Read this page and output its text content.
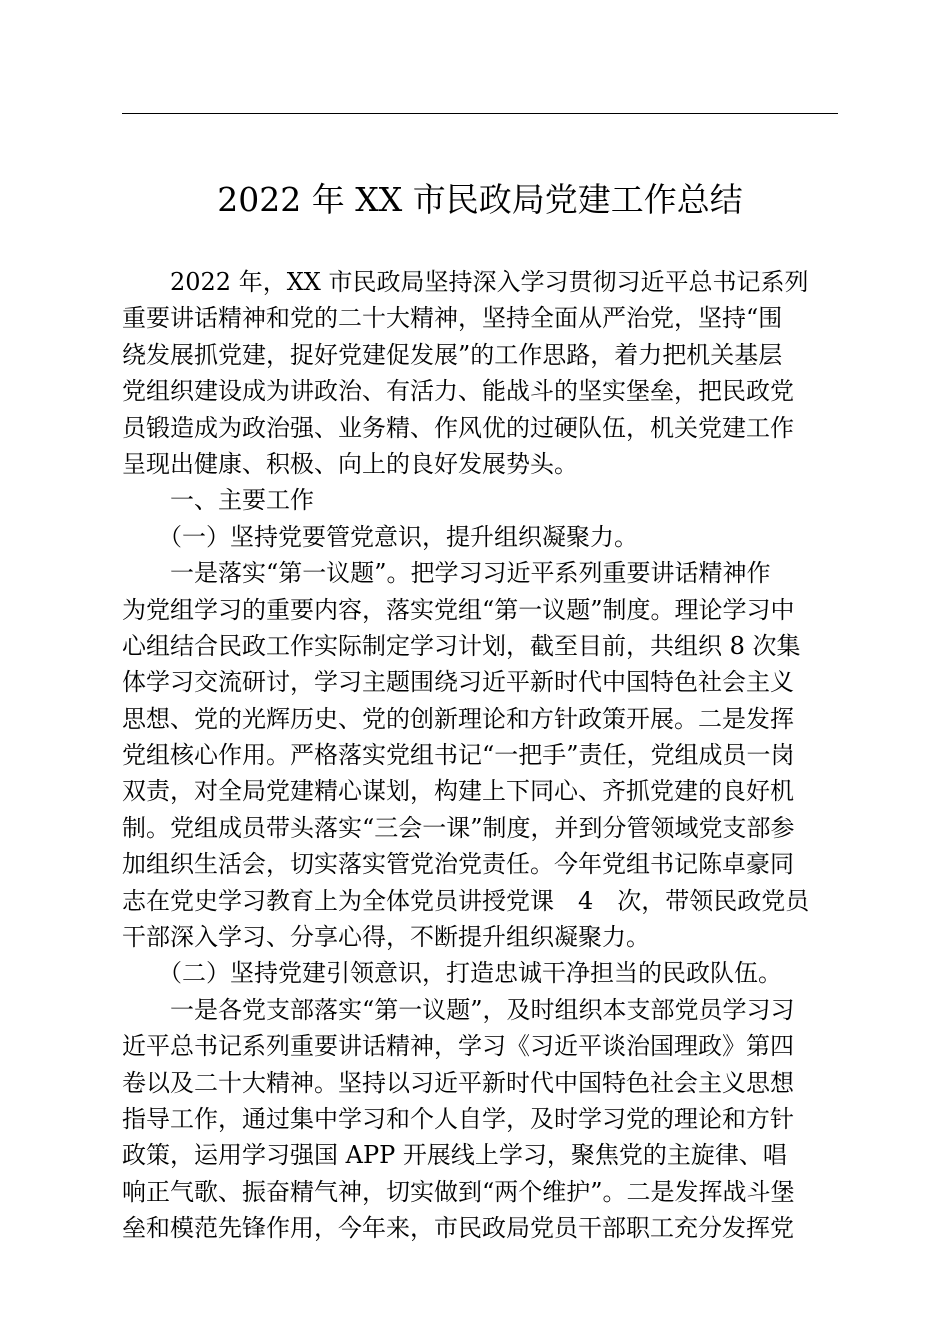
2022 年 XX 市民政局党建工作总结
　　2022 年，XX 市民政局坚持深入学习贯彻习近平总书记系列
重要讲话精神和党的二十大精神，坚持全面从严治党，坚持“围
绕发展抓党建，捉好党建促发展”的工作思路，着力把机关基层
党组织建设成为讲政治、有活力、能战斗的坚实堡垒，把民政党
员锻造成为政治强、业务精、作风优的过硬队伍，机关党建工作
呈现出健康、积极、向上的良好发展势头。
　　一、主要工作
　　（一）坚持党要管党意识，提升组织凝聚力。
　　一是落实“第一议题”。把学习习近平系列重要讲话精神作
为党组学习的重要内容，落实党组“第一议题”制度。理论学习中
心组结合民政工作实际制定学习计划，截至目前，共组织 8 次集
体学习交流研讨，学习主题围绕习近平新时代中国特色社会主义
思想、党的光辉历史、党的创新理论和方针政策开展。二是发挥
党组核心作用。严格落实党组书记“一把手”责任，党组成员一岗
双责，对全局党建精心谋划，构建上下同心、齐抓党建的良好机
制。党组成员带头落实“三会一课”制度，并到分管领域党支部参
加组织生活会，切实落实管党治党责任。今年党组书记陈卓豪同
志在党史学习教育上为全体党员讲授党课　4　次，带领民政党员
干部深入学习、分享心得，不断提升组织凝聚力。
　　（二）坚持党建引领意识，打造忠诚干净担当的民政队伍。
　　一是各党支部落实“第一议题”，及时组织本支部党员学习习
近平总书记系列重要讲话精神，学习《习近平谈治国理政》第四
卷以及二十大精神。坚持以习近平新时代中国特色社会主义思想
指导工作，通过集中学习和个人自学，及时学习党的理论和方针
政策，运用学习强国 APP 开展线上学习，聚焦党的主旋律、唱
响正气歌、振奋精气神，切实做到“两个维护”。二是发挥战斗堡
垒和模范先锋作用，今年来，市民政局党员干部职工充分发挥党
